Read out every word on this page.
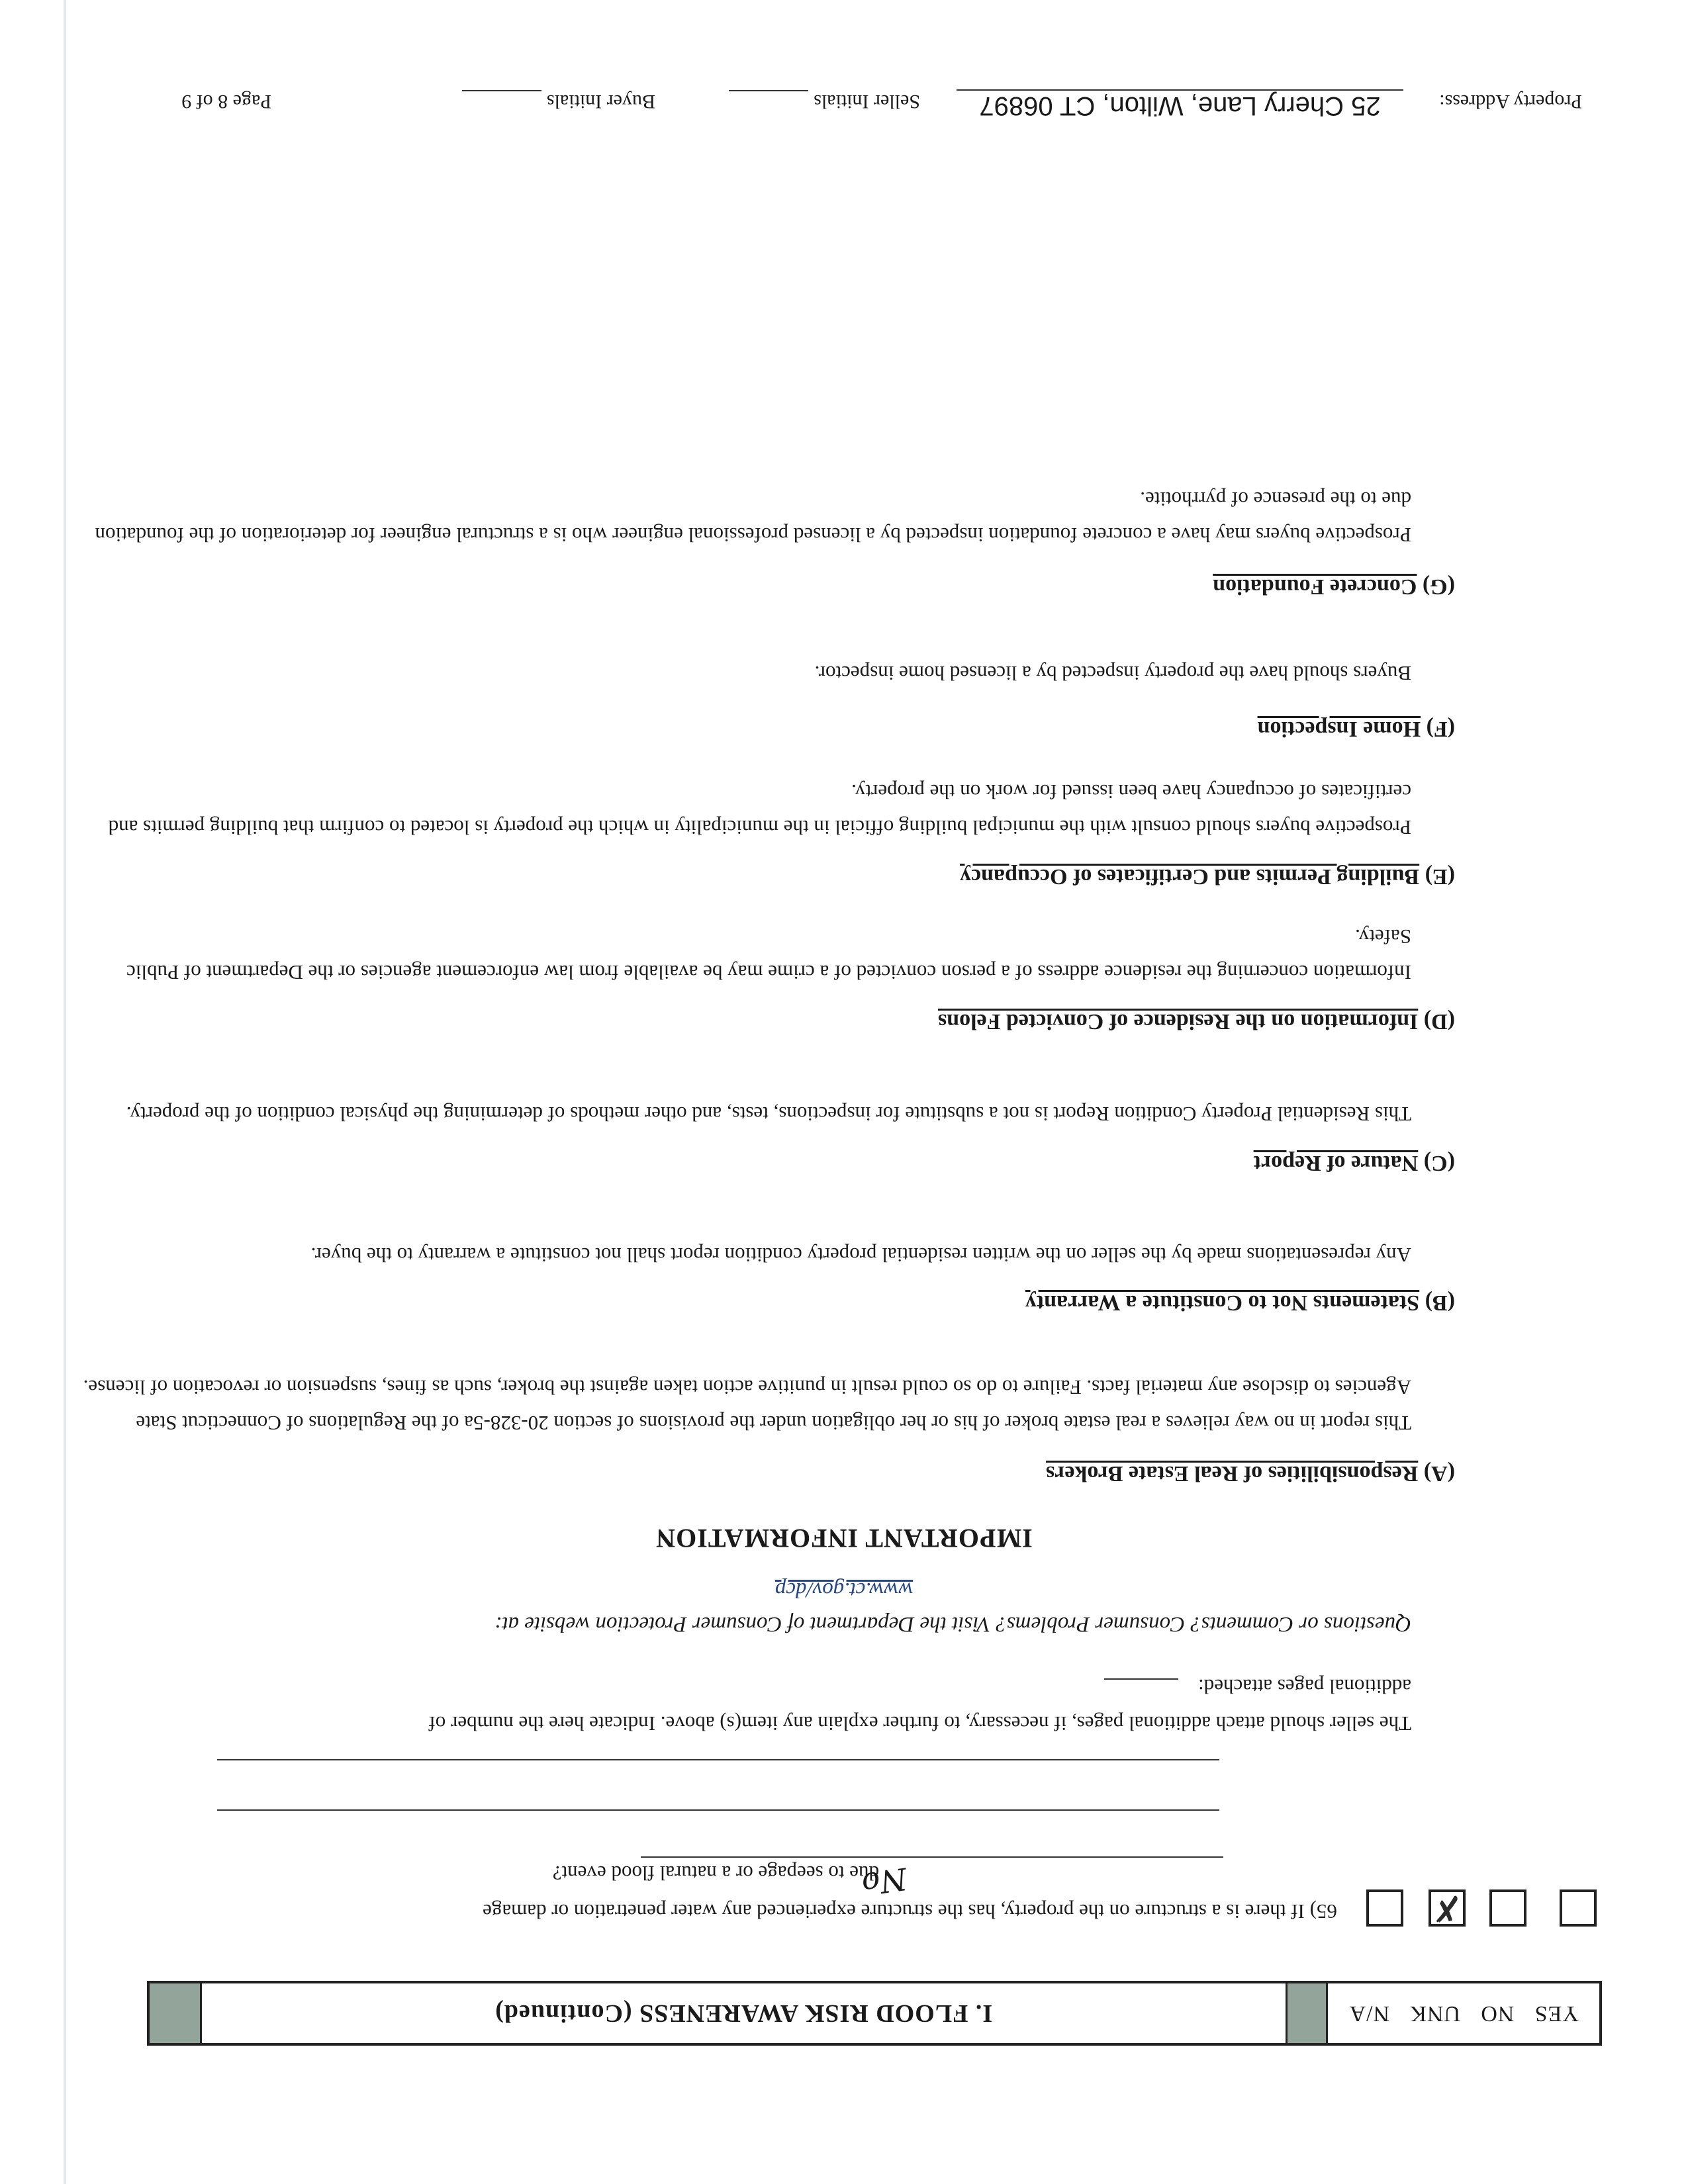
YES
NO
UNK
N/A
I. FLOOD RISK AWARENESS (Continued)
✗
65) If there is a structure on the property, has the structure experienced any water penetration or damage
due to seepage or a natural flood event?
No
The seller should attach additional pages, if necessary, to further explain any item(s) above. Indicate here the number of
additional pages attached:
Questions or Comments? Consumer Problems? Visit the Department of Consumer Protection website at:
www.ct.gov/dcp
IMPORTANT INFORMATION
(A) Responsibilities of Real Estate Brokers
This report in no way relieves a real estate broker of his or her obligation under the provisions of section 20-328-5a of the Regulations of Connecticut State Agencies to disclose any material facts. Failure to do so could result in punitive action taken against the broker, such as fines, suspension or revocation of license.
(B) Statements Not to Constitute a Warranty
Any representations made by the seller on the written residential property condition report shall not constitute a warranty to the buyer.
(C) Nature of Report
This Residential Property Condition Report is not a substitute for inspections, tests, and other methods of determining the physical condition of the property.
(D) Information on the Residence of Convicted Felons
Information concerning the residence address of a person convicted of a crime may be available from law enforcement agencies or the Department of Public Safety.
(E) Building Permits and Certificates of Occupancy
Prospective buyers should consult with the municipal building official in the municipality in which the property is located to confirm that building permits and certificates of occupancy have been issued for work on the property.
(F) Home Inspection
Buyers should have the property inspected by a licensed home inspector.
(G) Concrete Foundation
Prospective buyers may have a concrete foundation inspected by a licensed professional engineer who is a structural engineer for deterioration of the foundation due to the presence of pyrrhotite.
Property Address:
25 Cherry Lane, Wilton, CT 06897
Seller Initials
Buyer Initials
Page 8 of 9
